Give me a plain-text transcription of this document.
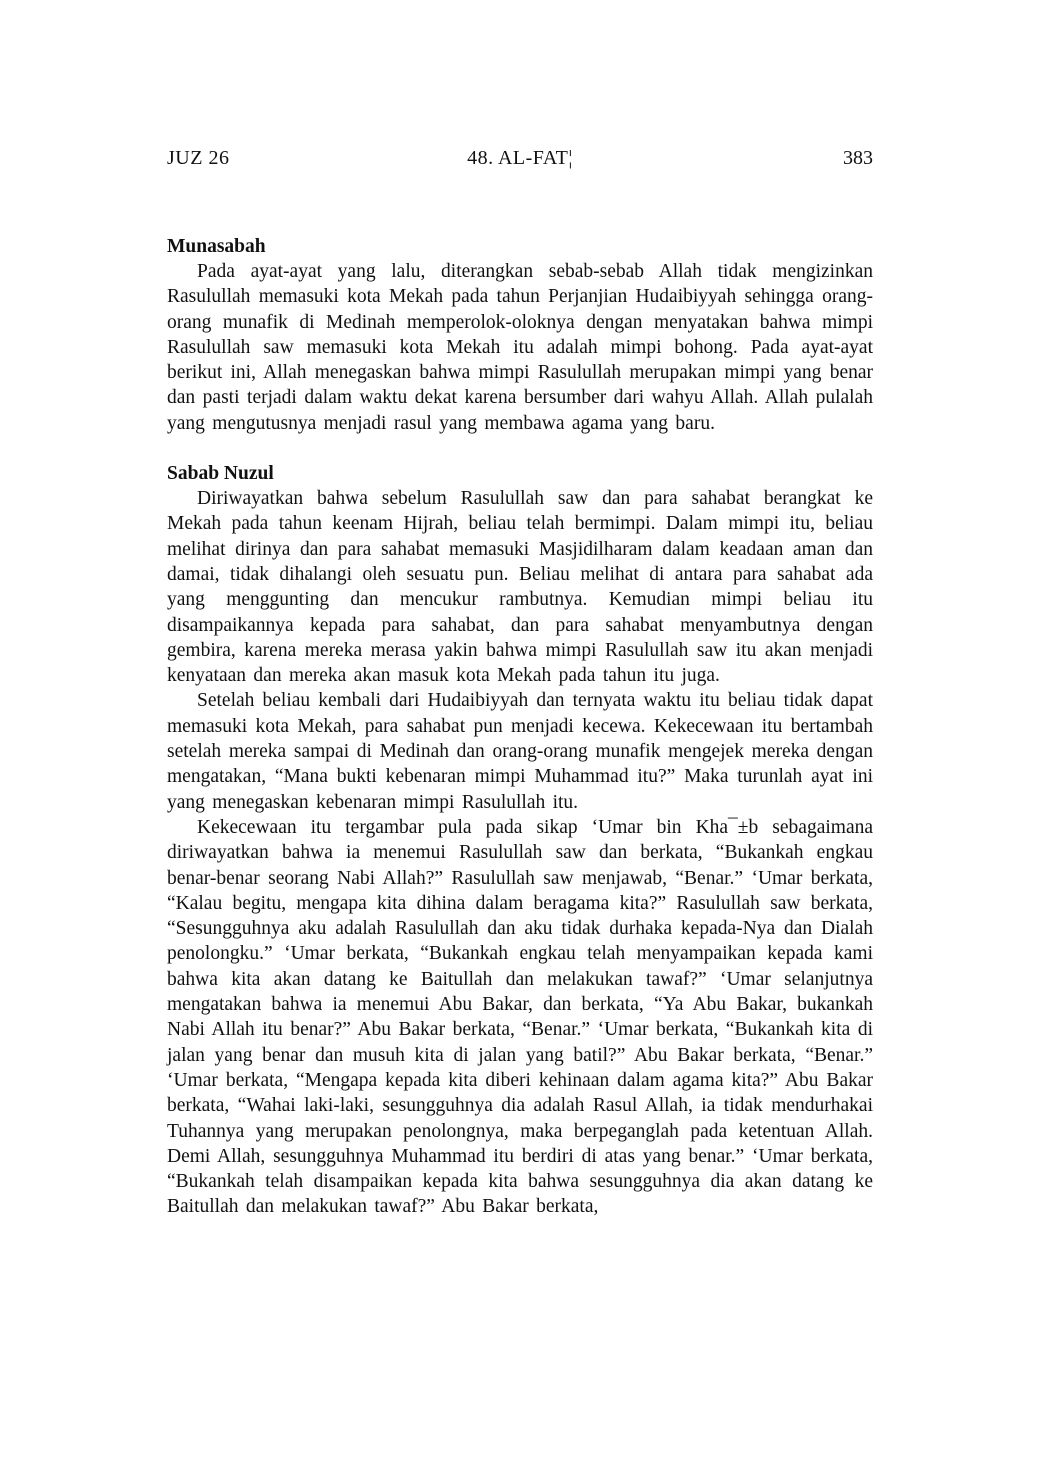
JUZ 26	48. AL-FAT¦	383
Munasabah

Pada ayat-ayat yang lalu, diterangkan sebab-sebab Allah tidak mengizinkan Rasulullah memasuki kota Mekah pada tahun Perjanjian Hudaibiyyah sehingga orang-orang munafik di Medinah memperolok-oloknya dengan menyatakan bahwa mimpi Rasulullah saw memasuki kota Mekah itu adalah mimpi bohong. Pada ayat-ayat berikut ini, Allah menegaskan bahwa mimpi Rasulullah merupakan mimpi yang benar dan pasti terjadi dalam waktu dekat karena bersumber dari wahyu Allah. Allah pulalah yang mengutusnya menjadi rasul yang membawa agama yang baru.

Sabab Nuzul

Diriwayatkan bahwa sebelum Rasulullah saw dan para sahabat berangkat ke Mekah pada tahun keenam Hijrah, beliau telah bermimpi. Dalam mimpi itu, beliau melihat dirinya dan para sahabat memasuki Masjidilharam dalam keadaan aman dan damai, tidak dihalangi oleh sesuatu pun. Beliau melihat di antara para sahabat ada yang menggunting dan mencukur rambutnya. Kemudian mimpi beliau itu disampaikannya kepada para sahabat, dan para sahabat menyambutnya dengan gembira, karena mereka merasa yakin bahwa mimpi Rasulullah saw itu akan menjadi kenyataan dan mereka akan masuk kota Mekah pada tahun itu juga.

Setelah beliau kembali dari Hudaibiyyah dan ternyata waktu itu beliau tidak dapat memasuki kota Mekah, para sahabat pun menjadi kecewa. Kekecewaan itu bertambah setelah mereka sampai di Medinah dan orang-orang munafik mengejek mereka dengan mengatakan, “Mana bukti kebenaran mimpi Muhammad itu?” Maka turunlah ayat ini yang menegaskan kebenaran mimpi Rasulullah itu.

Kekecewaan itu tergambar pula pada sikap ‘Umar bin Kha¯±b sebagaimana diriwayatkan bahwa ia menemui Rasulullah saw dan berkata, “Bukankah engkau benar-benar seorang Nabi Allah?” Rasulullah saw menjawab, “Benar.” ‘Umar berkata, “Kalau begitu, mengapa kita dihina dalam beragama kita?” Rasulullah saw berkata, “Sesungguhnya aku adalah Rasulullah dan aku tidak durhaka kepada-Nya dan Dialah penolongku.” ‘Umar berkata, “Bukankah engkau telah menyampaikan kepada kami bahwa kita akan datang ke Baitullah dan melakukan tawaf?” ‘Umar selanjutnya mengatakan bahwa ia menemui Abu Bakar, dan berkata, “Ya Abu Bakar, bukankah Nabi Allah itu benar?” Abu Bakar berkata, “Benar.” ‘Umar berkata, “Bukankah kita di jalan yang benar dan musuh kita di jalan yang batil?” Abu Bakar berkata, “Benar.” ‘Umar berkata, “Mengapa kepada kita diberi kehinaan dalam agama kita?” Abu Bakar berkata, “Wahai laki-laki, sesungguhnya dia adalah Rasul Allah, ia tidak mendurhakai Tuhannya yang merupakan penolongnya, maka berpeganglah pada ketentuan Allah. Demi Allah, sesungguhnya Muhammad itu berdiri di atas yang benar.” ‘Umar berkata, “Bukankah telah disampaikan kepada kita bahwa sesungguhnya dia akan datang ke Baitullah dan melakukan tawaf?” Abu Bakar berkata,
